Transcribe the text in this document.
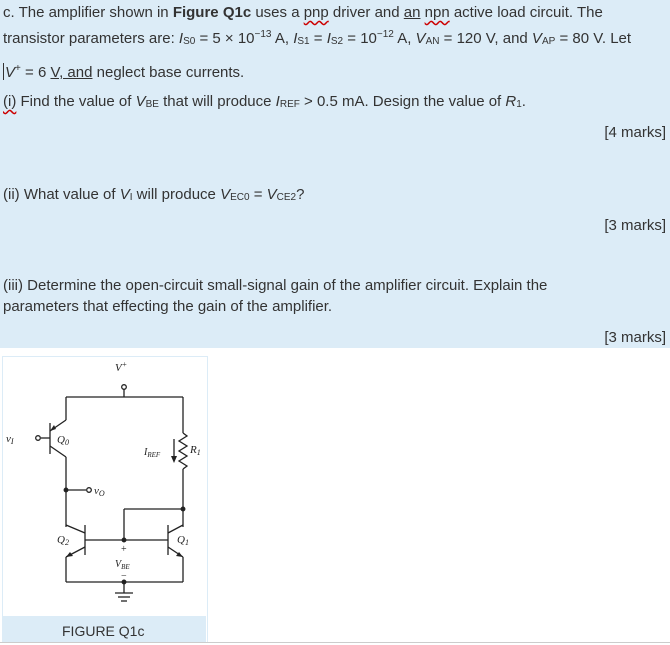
c. The amplifier shown in Figure Q1c uses a pnp driver and an npn active load circuit. The
transistor parameters are: $I_{S0} = 5 \times 10^{-13}$ A, $I_{S1} = I_{S2} = 10^{-12}$ A, $V_{AN} = 120$ V, and $V_{AP} = 80$ V. Let
V+ = 6 V, and neglect base currents.
(i) Find the value of $V_{BE}$ that will produce $I_{REF} > 0.5$ mA. Design the value of $R_1$.
[4 marks]
(ii) What value of $V_I$ will produce $V_{EC0} = V_{CE2}$?
[3 marks]
(iii) Determine the open-circuit small-signal gain of the amplifier circuit. Explain the
parameters that effecting the gain of the amplifier.
[3 marks]
V+
vI	Q0
vO
R1
$I_{REF}$
Q2	Q1
+
$V_{BE}$
−
FIGURE Q1c
